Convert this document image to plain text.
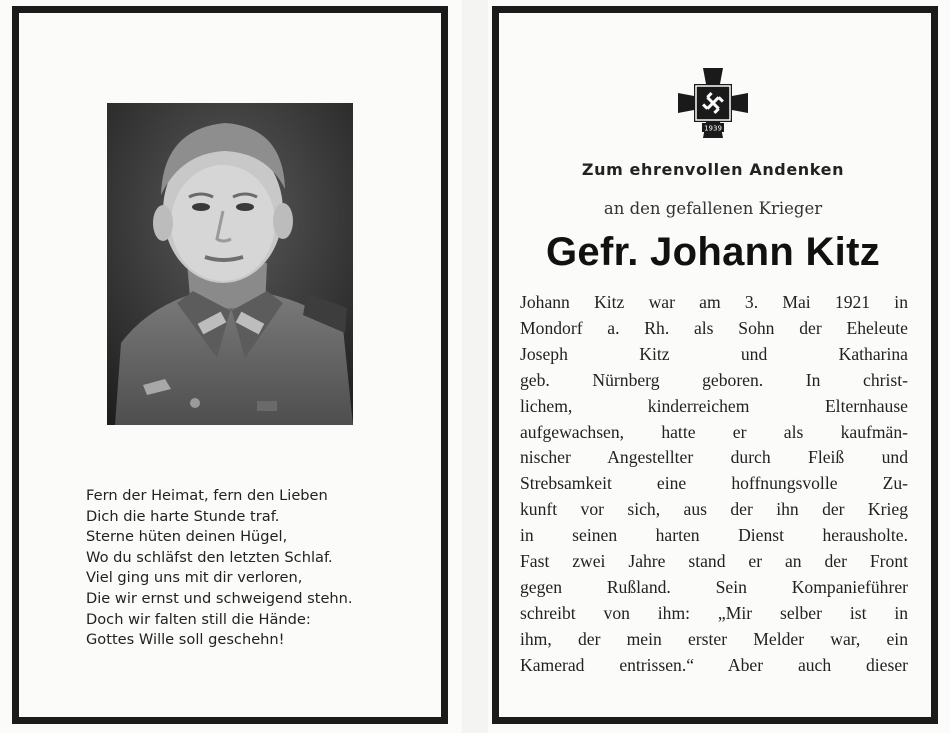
Fern der Heimat, fern den Lieben
Dich die harte Stunde traf.
Sterne hüten deinen Hügel,
Wo du schläfst den letzten Schlaf.
Viel ging uns mit dir verloren,
Die wir ernst und schweigend stehn.
Doch wir falten still die Hände:
Gottes Wille soll geschehn!
1939
Zum ehrenvollen Andenken
an den gefallenen Krieger
Gefr. Johann Kitz
Johann Kitz war am 3. Mai 1921 in
Mondorf a. Rh. als Sohn der Eheleute
Joseph Kitz und Katharina
geb. Nürnberg geboren. In christ-
lichem, kinderreichem Elternhause
aufgewachsen, hatte er als kaufmän-
nischer Angestellter durch Fleiß und
Strebsamkeit eine hoffnungsvolle Zu-
kunft vor sich, aus der ihn der Krieg
in seinen harten Dienst herausholte.
Fast zwei Jahre stand er an der Front
gegen Rußland. Sein Kompanieführer
schreibt von ihm: „Mir selber ist in
ihm, der mein erster Melder war, ein
Kamerad entrissen.“ Aber auch dieser
